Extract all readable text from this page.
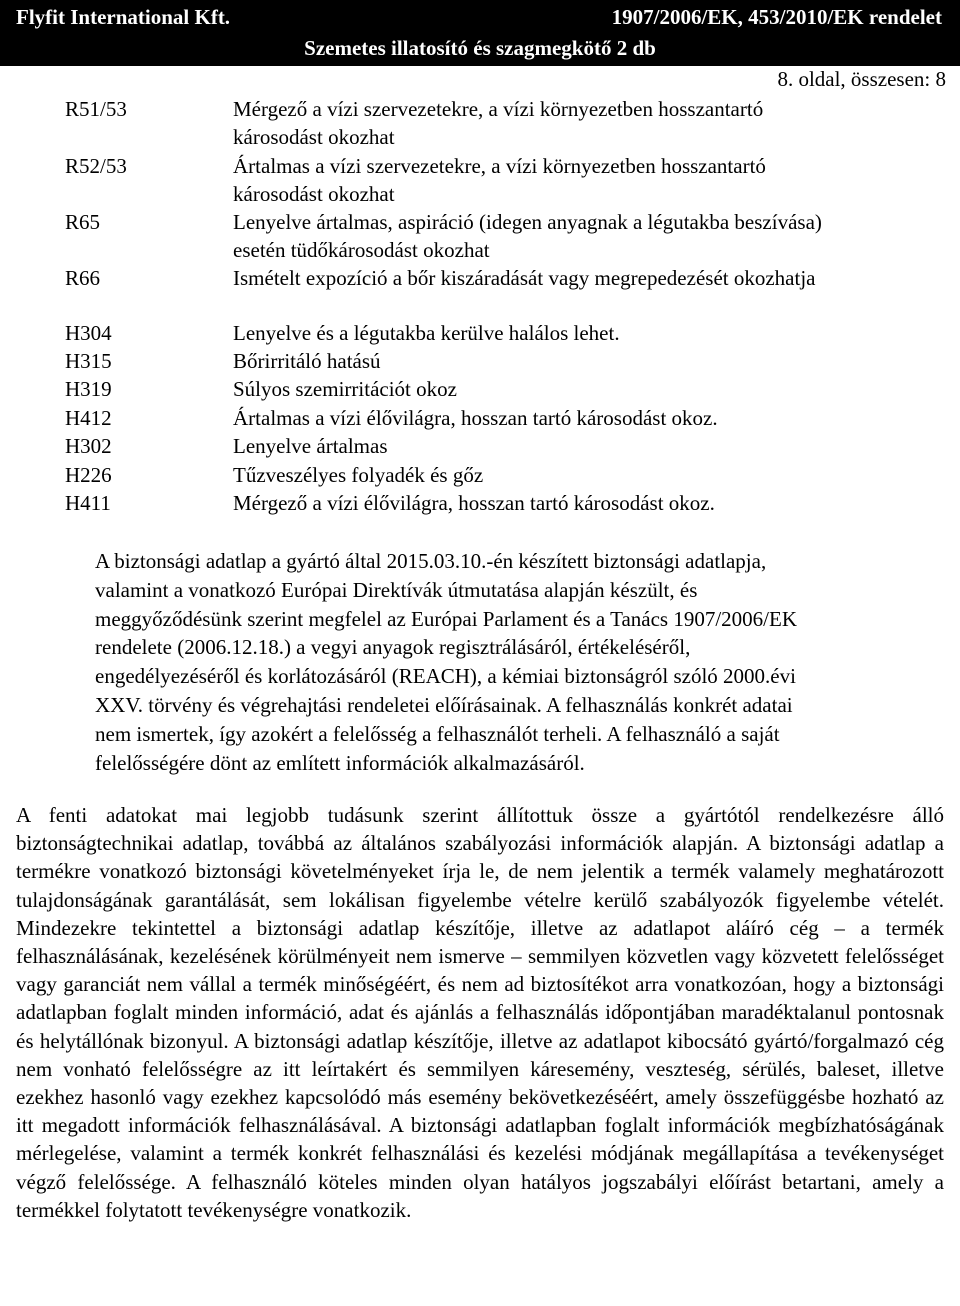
Flyfit International Kft.	1907/2006/EK, 453/2010/EK rendelet
Szemetes illatosító és szagmegkötő 2 db
8. oldal, összesen: 8
R51/53	Mérgező a vízi szervezetekre, a vízi környezetben hosszantartó
károsodást okozhat
R52/53	Ártalmas a vízi szervezetekre, a vízi környezetben hosszantartó
károsodást okozhat
R65	Lenyelve ártalmas, aspiráció (idegen anyagnak a légutakba beszívása)
esetén tüdőkárosodást okozhat
R66	Ismételt expozíció a bőr kiszáradását vagy megrepedezését okozhatja
H304	Lenyelve és a légutakba kerülve halálos lehet.
H315	Bőrirritáló hatású
H319	Súlyos szemirritációt okoz
H412	Ártalmas a vízi élővilágra, hosszan tartó károsodást okoz.
H302	Lenyelve ártalmas
H226	Tűzveszélyes folyadék és gőz
H411	Mérgező a vízi élővilágra, hosszan tartó károsodást okoz.
A biztonsági adatlap a gyártó által 2015.03.10.-én készített biztonsági adatlapja,
valamint a vonatkozó Európai Direktívák útmutatása alapján készült, és
meggyőződésünk szerint megfelel az Európai Parlament és a Tanács 1907/2006/EK
rendelete (2006.12.18.) a vegyi anyagok regisztrálásáról, értékeléséről,
engedélyezéséről és korlátozásáról (REACH), a kémiai biztonságról szóló 2000.évi
XXV. törvény és végrehajtási rendeletei előírásainak. A felhasználás konkrét adatai
nem ismertek, így azokért a felelősség a felhasználót terheli. A felhasználó a saját
felelősségére dönt az említett információk alkalmazásáról.
A fenti adatokat mai legjobb tudásunk szerint állítottuk össze a gyártótól rendelkezésre álló biztonságtechnikai adatlap, továbbá az általános szabályozási információk alapján. A biztonsági adatlap a termékre vonatkozó biztonsági követelményeket írja le, de nem jelentik a termék valamely meghatározott tulajdonságának garantálását, sem lokálisan figyelembe vételre kerülő szabályozók figyelembe vételét. Mindezekre tekintettel a biztonsági adatlap készítője, illetve az adatlapot aláíró cég – a termék felhasználásának, kezelésének körülményeit nem ismerve – semmilyen közvetlen vagy közvetett felelősséget vagy garanciát nem vállal a termék minőségéért, és nem ad biztosítékot arra vonatkozóan, hogy a biztonsági adatlapban foglalt minden információ, adat és ajánlás a felhasználás időpontjában maradéktalanul pontosnak és helytállónak bizonyul. A biztonsági adatlap készítője, illetve az adatlapot kibocsátó gyártó/forgalmazó cég nem vonható felelősségre az itt leírtakért és semmilyen káresemény, veszteség, sérülés, baleset, illetve ezekhez hasonló vagy ezekhez kapcsolódó más esemény bekövetkezéséért, amely összefüggésbe hozható az itt megadott információk felhasználásával. A biztonsági adatlapban foglalt információk megbízhatóságának mérlegelése, valamint a termék konkrét felhasználási és kezelési módjának megállapítása a tevékenységet végző felelőssége. A felhasználó köteles minden olyan hatályos jogszabályi előírást betartani, amely a termékkel folytatott tevékenységre vonatkozik.
